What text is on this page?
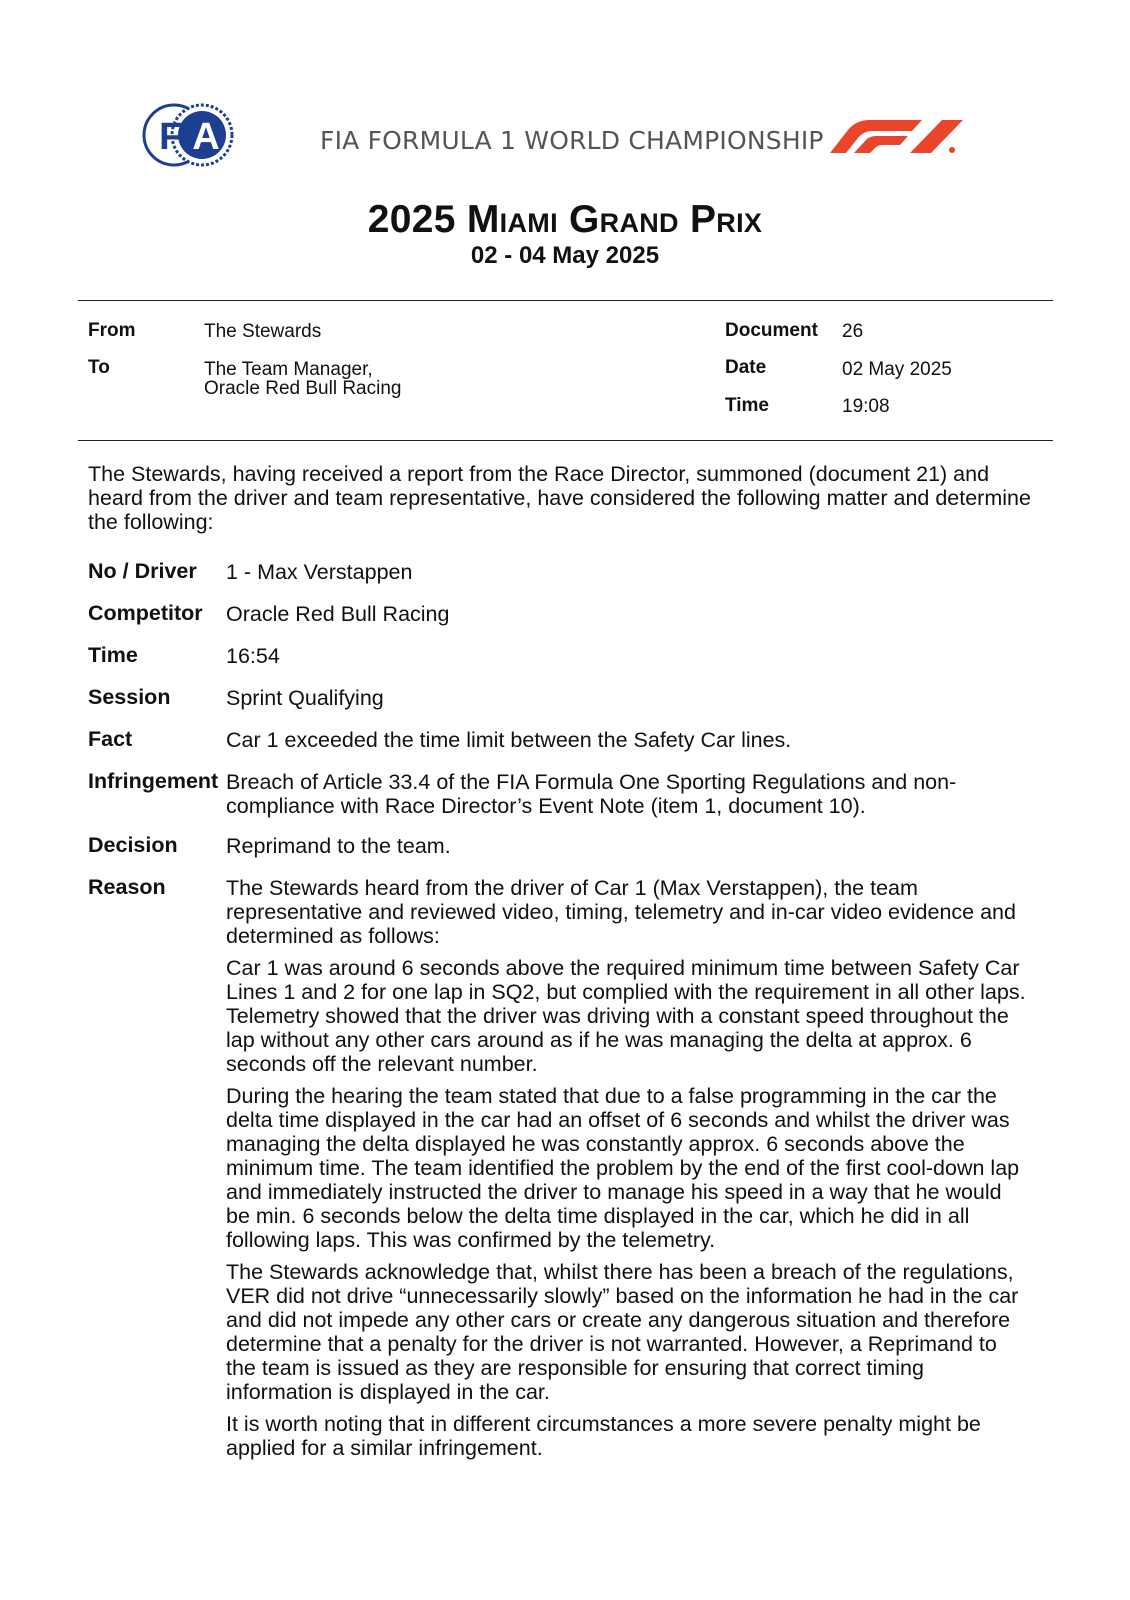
Fi A	FIA FORMULA 1 WORLD CHAMPIONSHIP
2025 Miami Grand Prix
02 - 04 May 2025
From	The Stewards
To	The Team Manager,
Oracle Red Bull Racing
Document 26
Date	02 May 2025
Time	19:08
The Stewards, having received a report from the Race Director, summoned (document 21) and heard from the driver and team representative, have considered the following matter and determine the following:
No / Driver 1 - Max Verstappen
Competitor Oracle Red Bull Racing
Time	16:54
Session	Sprint Qualifying
Fact	Car 1 exceeded the time limit between the Safety Car lines.
Infringement Breach of Article 33.4 of the FIA Formula One Sporting Regulations and non-compliance with Race Director’s Event Note (item 1, document 10).
Decision Reprimand to the team.
Reason	The Stewards heard from the driver of Car 1 (Max Verstappen), the team representative and reviewed video, timing, telemetry and in-car video evidence and determined as follows:

Car 1 was around 6 seconds above the required minimum time between Safety Car Lines 1 and 2 for one lap in SQ2, but complied with the requirement in all other laps. Telemetry showed that the driver was driving with a constant speed throughout the lap without any other cars around as if he was managing the delta at approx. 6 seconds off the relevant number.

During the hearing the team stated that due to a false programming in the car the delta time displayed in the car had an offset of 6 seconds and whilst the driver was managing the delta displayed he was constantly approx. 6 seconds above the minimum time. The team identified the problem by the end of the first cool-down lap and immediately instructed the driver to manage his speed in a way that he would be min. 6 seconds below the delta time displayed in the car, which he did in all following laps. This was confirmed by the telemetry.

The Stewards acknowledge that, whilst there has been a breach of the regulations, VER did not drive “unnecessarily slowly” based on the information he had in the car and did not impede any other cars or create any dangerous situation and therefore determine that a penalty for the driver is not warranted. However, a Reprimand to the team is issued as they are responsible for ensuring that correct timing information is displayed in the car.

It is worth noting that in different circumstances a more severe penalty might be applied for a similar infringement.
